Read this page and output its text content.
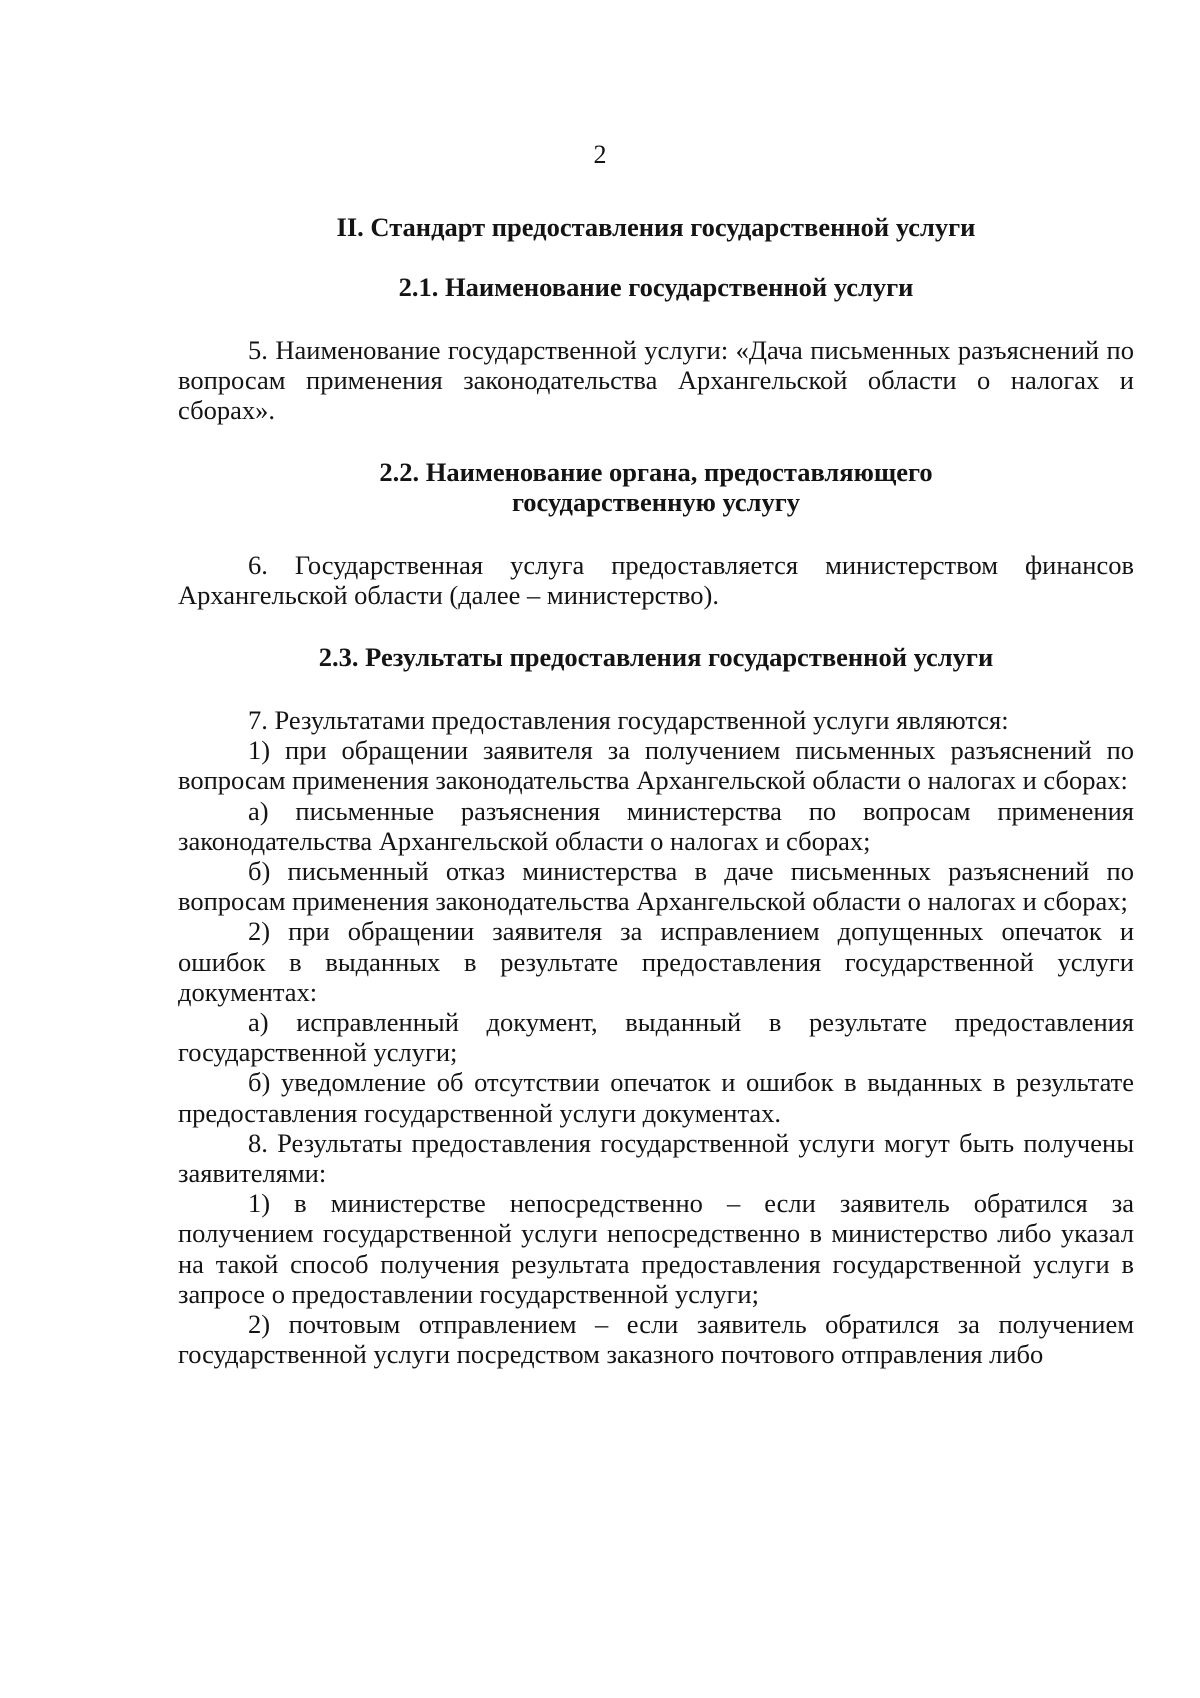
2
II. Стандарт предоставления государственной услуги
2.1. Наименование государственной услуги

5. Наименование государственной услуги: «Дача письменных разъяснений по вопросам применения законодательства Архангельской области о налогах и сборах».

2.2. Наименование органа, предоставляющего
государственную услугу

6. Государственная услуга предоставляется министерством финансов Архангельской области (далее – министерство).

2.3. Результаты предоставления государственной услуги

7. Результатами предоставления государственной услуги являются:

1) при обращении заявителя за получением письменных разъяснений по вопросам применения законодательства Архангельской области о налогах и сборах:

а) письменные разъяснения министерства по вопросам применения законодательства Архангельской области о налогах и сборах;

б) письменный отказ министерства в даче письменных разъяснений по вопросам применения законодательства Архангельской области о налогах и сборах;

2) при обращении заявителя за исправлением допущенных опечаток и ошибок в выданных в результате предоставления государственной услуги документах:

а) исправленный документ, выданный в результате предоставления государственной услуги;

б) уведомление об отсутствии опечаток и ошибок в выданных в результате предоставления государственной услуги документах.

8. Результаты предоставления государственной услуги могут быть получены заявителями:

1) в министерстве непосредственно – если заявитель обратился за получением государственной услуги непосредственно в министерство либо указал на такой способ получения результата предоставления государственной услуги в запросе о предоставлении государственной услуги;

2) почтовым отправлением – если заявитель обратился за получением государственной услуги посредством заказного почтового отправления либо
